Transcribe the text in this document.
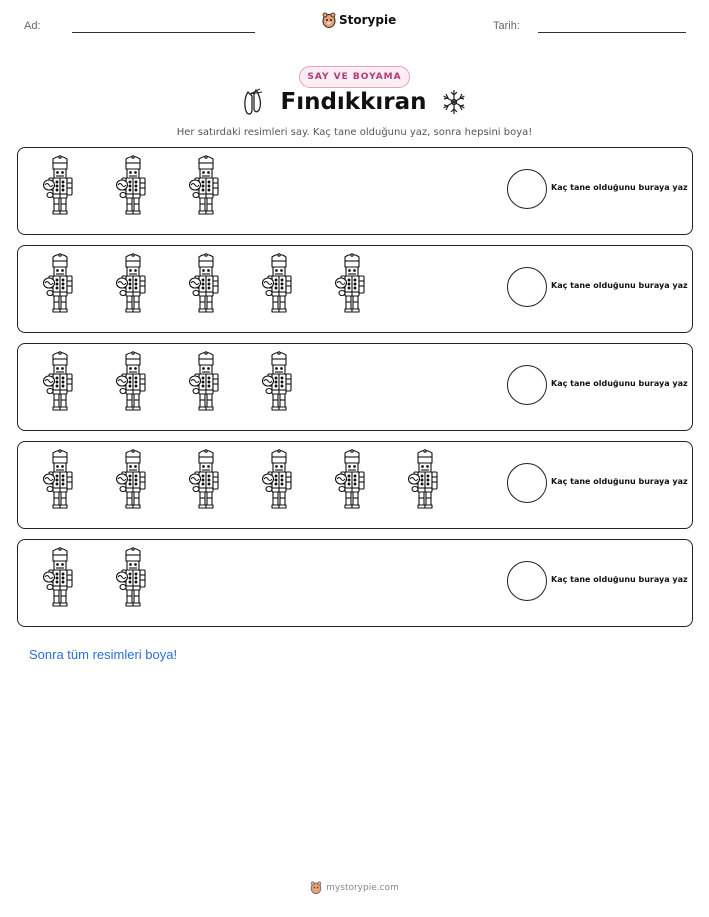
Ad:	Storypie	Tarih:
SAY VE BOYAMA
Fındıkkıran
Her satırdaki resimleri say. Kaç tane olduğunu yaz, sonra hepsini boya!
Kaç tane olduğunu buraya yaz
Kaç tane olduğunu buraya yaz
Kaç tane olduğunu buraya yaz
Kaç tane olduğunu buraya yaz
Kaç tane olduğunu buraya yaz
Sonra tüm resimleri boya!
mystorypie.com
